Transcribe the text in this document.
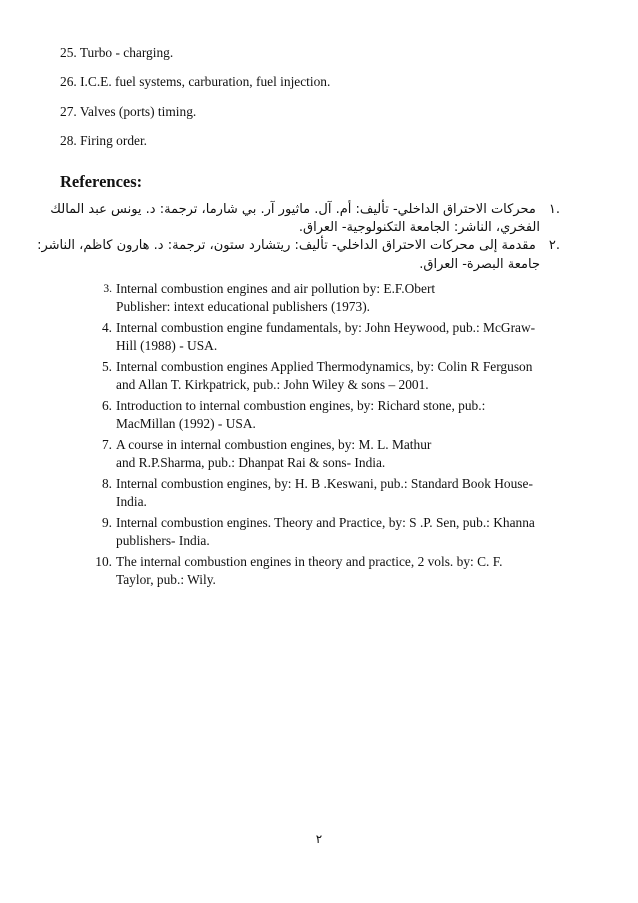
25. Turbo - charging.
26. I.C.E. fuel systems, carburation, fuel injection.
27. Valves (ports) timing.
28. Firing order.
References:
.١ محركات الاحتراق الداخلي- تأليف: أم. آل. ماثيور آر. بي شارما، ترجمة: د. يونس عبد المالك
الفخري، الناشر: الجامعة التكنولوجية- العراق.
.٢ مقدمة إلى محركات الاحتراق الداخلي- تأليف: ريتشارد ستون، ترجمة: د. هارون كاظم، الناشر:
جامعة البصرة- العراق.
3. Internal combustion engines and air pollution by: E.F.Obert
Publisher: intext educational publishers (1973).
4. Internal combustion engine fundamentals, by: John Heywood, pub.: McGraw-
Hill (1988) - USA.
5. Internal combustion engines Applied Thermodynamics, by: Colin R Ferguson
and Allan T. Kirkpatrick, pub.: John Wiley & sons – 2001.
6. Introduction to internal combustion engines, by: Richard stone, pub.:
MacMillan (1992) - USA.
7. A course in internal combustion engines, by: M. L. Mathur
and R.P.Sharma, pub.: Dhanpat Rai & sons- India.
8. Internal combustion engines, by: H. B .Keswani, pub.: Standard Book House-
India.
9. Internal combustion engines. Theory and Practice, by: S .P. Sen, pub.: Khanna
publishers- India.
10. The internal combustion engines in theory and practice, 2 vols. by: C. F.
Taylor, pub.: Wily.
٢
